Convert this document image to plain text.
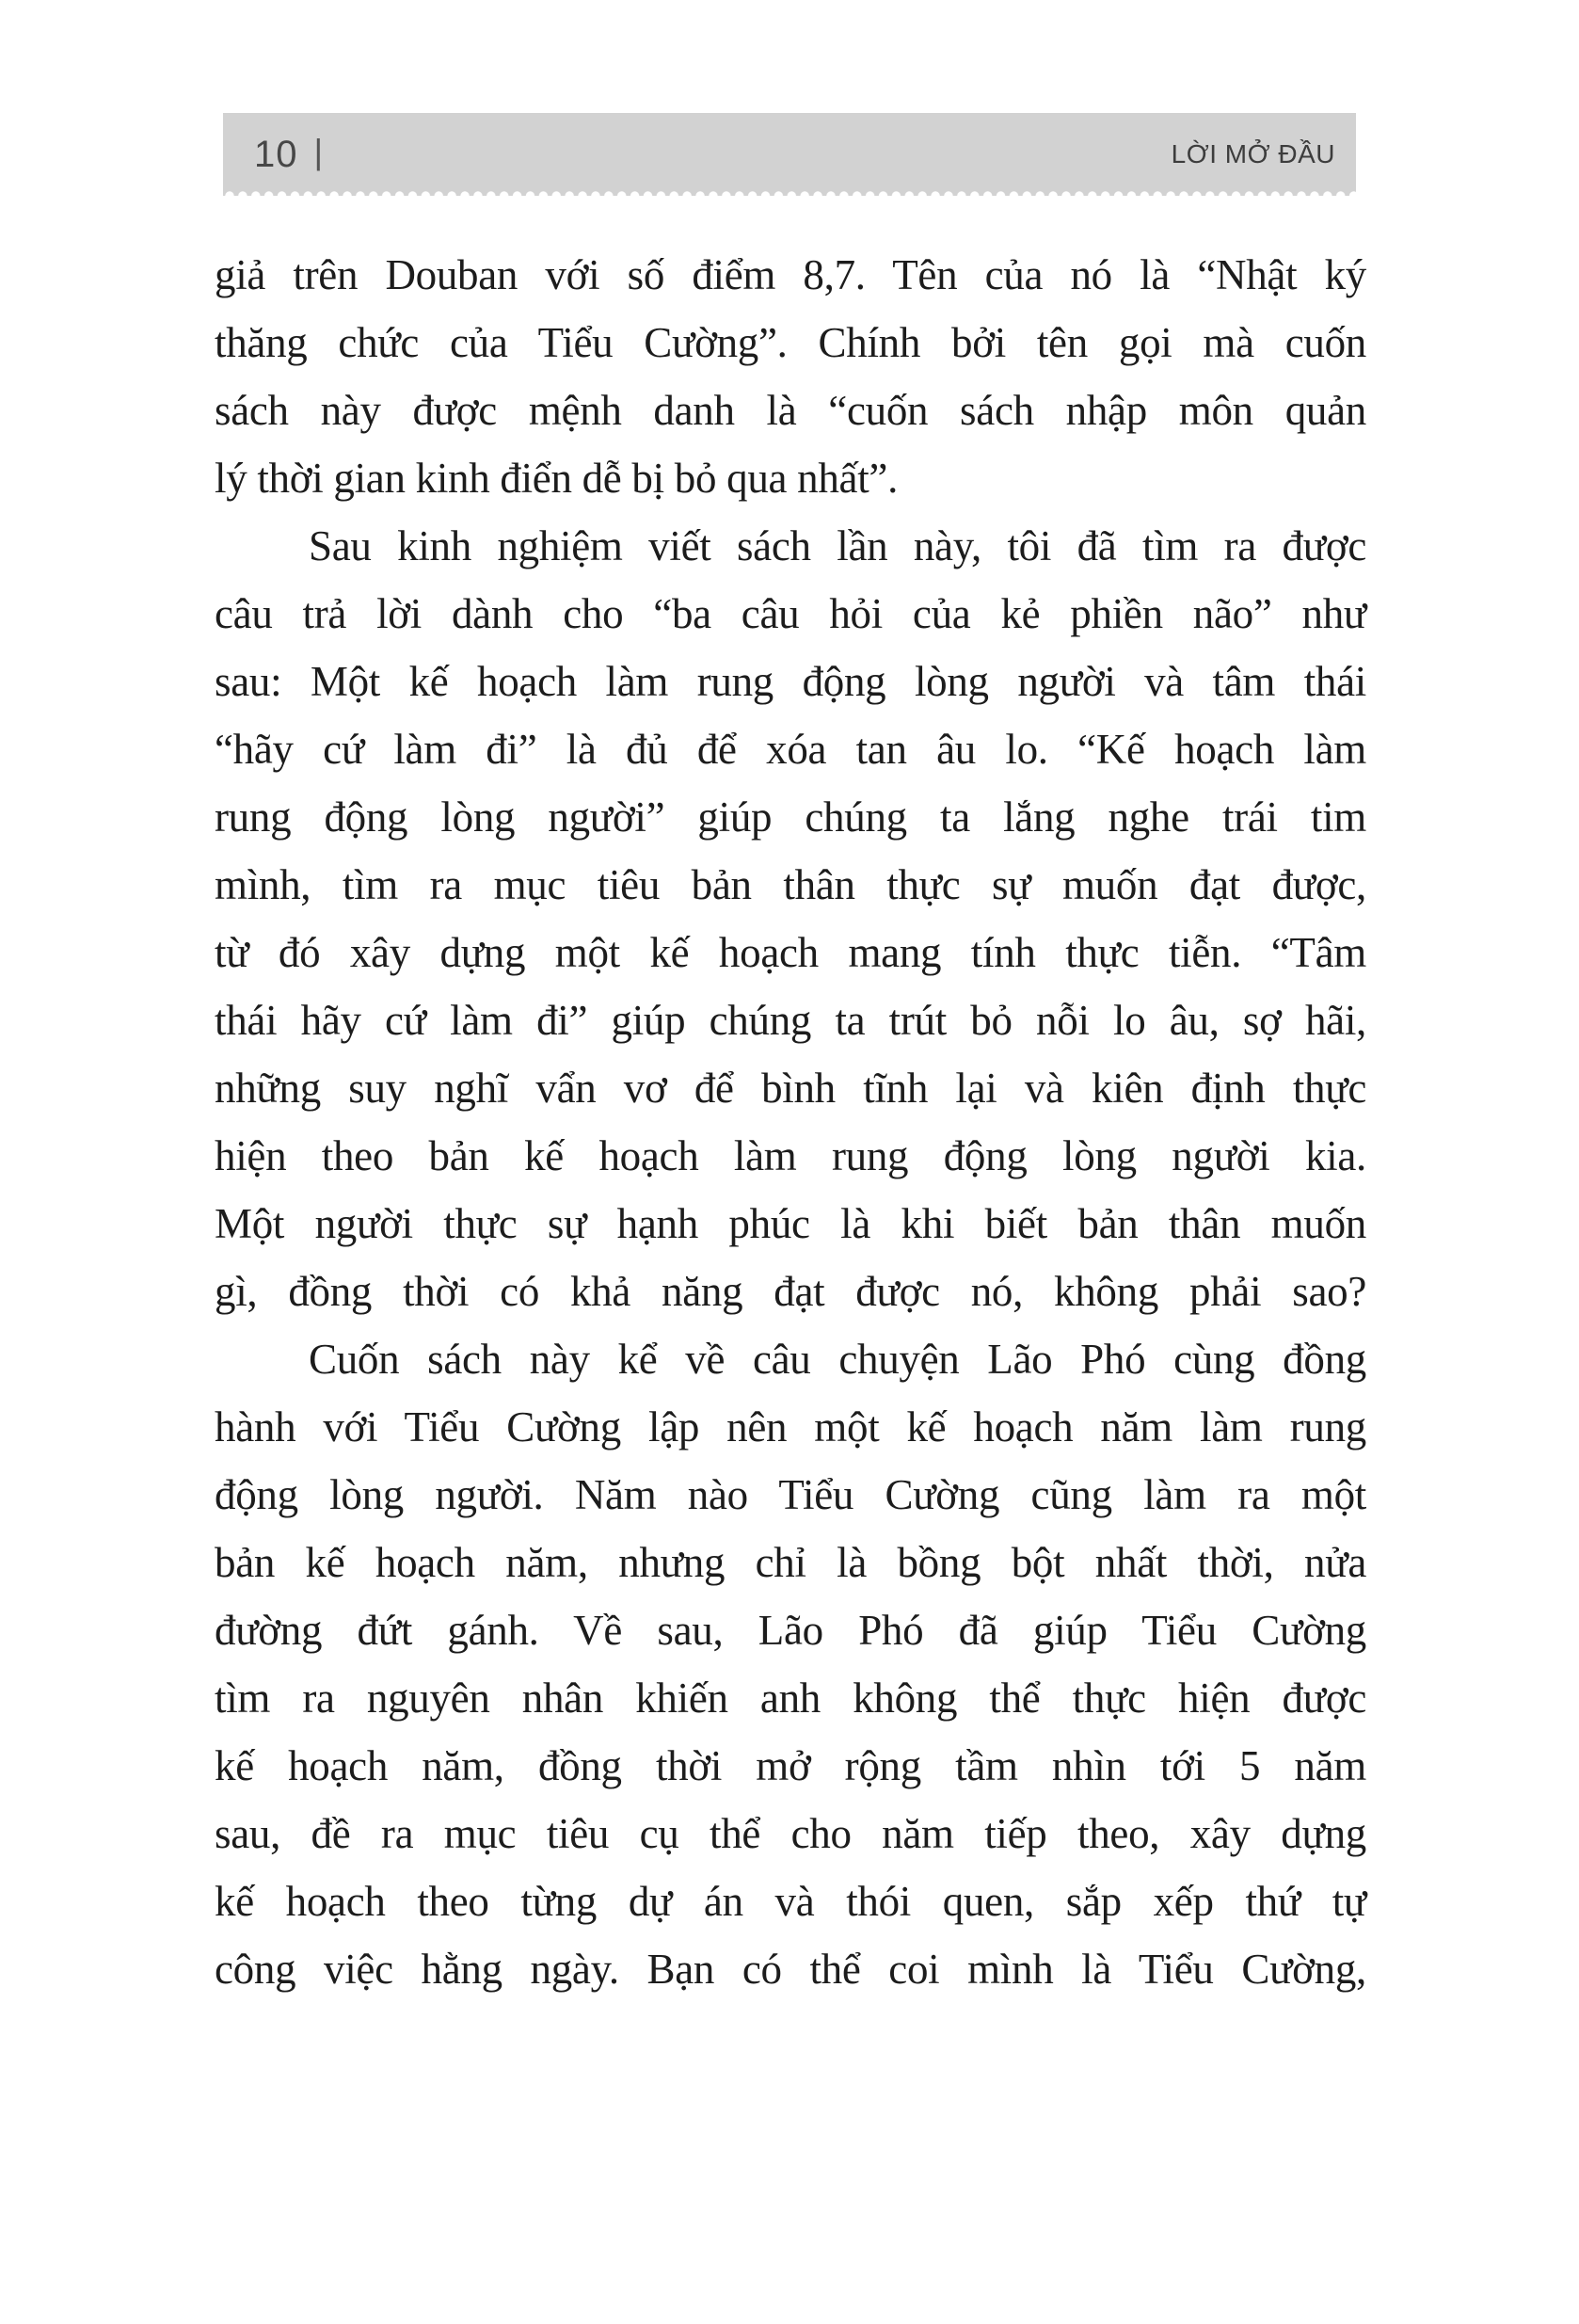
10 |	LỜI MỞ ĐẦU
giả trên Douban với số điểm 8,7. Tên của nó là “Nhật ký
thăng chức của Tiểu Cường”. Chính bởi tên gọi mà cuốn
sách này được mệnh danh là “cuốn sách nhập môn quản
lý thời gian kinh điển dễ bị bỏ qua nhất”.
Sau kinh nghiệm viết sách lần này, tôi đã tìm ra được
câu trả lời dành cho “ba câu hỏi của kẻ phiền não” như
sau: Một kế hoạch làm rung động lòng người và tâm thái
“hãy cứ làm đi” là đủ để xóa tan âu lo. “Kế hoạch làm
rung động lòng người” giúp chúng ta lắng nghe trái tim
mình, tìm ra mục tiêu bản thân thực sự muốn đạt được,
từ đó xây dựng một kế hoạch mang tính thực tiễn. “Tâm
thái hãy cứ làm đi” giúp chúng ta trút bỏ nỗi lo âu, sợ hãi,
những suy nghĩ vẩn vơ để bình tĩnh lại và kiên định thực
hiện theo bản kế hoạch làm rung động lòng người kia.
Một người thực sự hạnh phúc là khi biết bản thân muốn
gì, đồng thời có khả năng đạt được nó, không phải sao?
Cuốn sách này kể về câu chuyện Lão Phó cùng đồng
hành với Tiểu Cường lập nên một kế hoạch năm làm rung
động lòng người. Năm nào Tiểu Cường cũng làm ra một
bản kế hoạch năm, nhưng chỉ là bồng bột nhất thời, nửa
đường đứt gánh. Về sau, Lão Phó đã giúp Tiểu Cường
tìm ra nguyên nhân khiến anh không thể thực hiện được
kế hoạch năm, đồng thời mở rộng tầm nhìn tới 5 năm
sau, đề ra mục tiêu cụ thể cho năm tiếp theo, xây dựng
kế hoạch theo từng dự án và thói quen, sắp xếp thứ tự
công việc hằng ngày. Bạn có thể coi mình là Tiểu Cường,
